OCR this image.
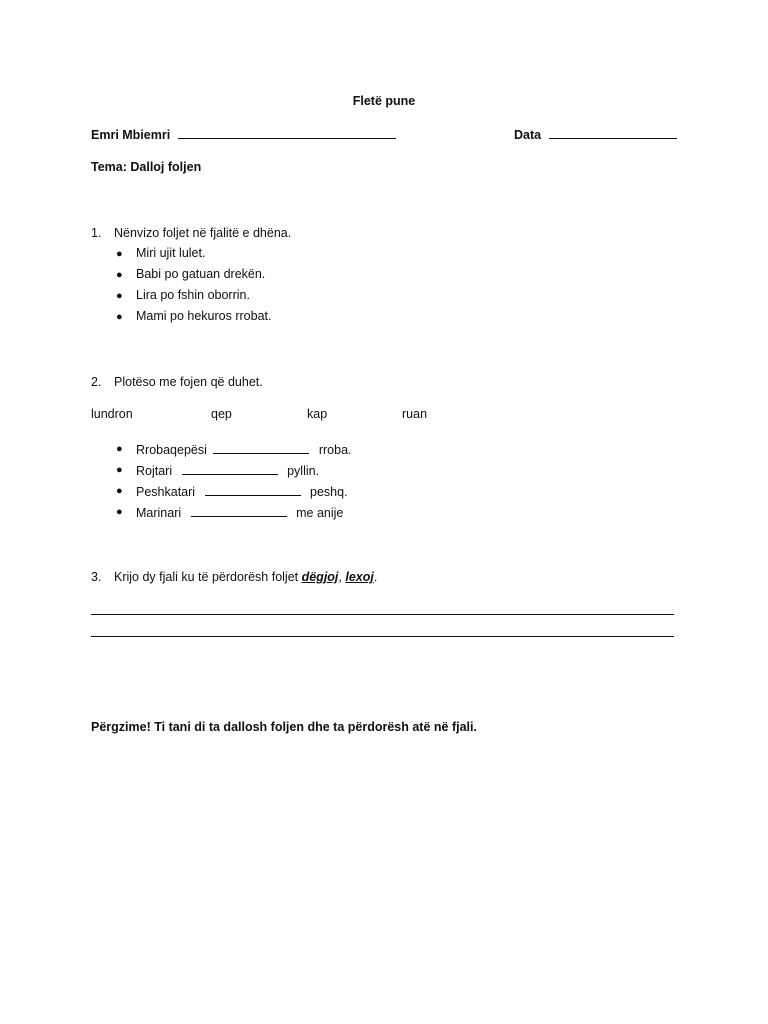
Fletë pune
Emri Mbiemri	Data
Tema: Dalloj foljen
1. Nënvizo foljet në fjalitë e dhëna.
● Miri ujit lulet.
● Babi po gatuan drekën.
● Lira po fshin oborrin.
● Mami po hekuros rrobat.
2. Plotëso me fojen që duhet.
lundron	qep	kap	ruan
● Rrobaqepësi	rroba.
● Rojtari	pyllin.
● Peshkatari	peshq.
● Marinari	me anije
3. Krijo dy fjali ku të përdorësh foljet dëgjoj, lexoj.
Përgzime! Ti tani di ta dallosh foljen dhe ta përdorësh atë në fjali.
